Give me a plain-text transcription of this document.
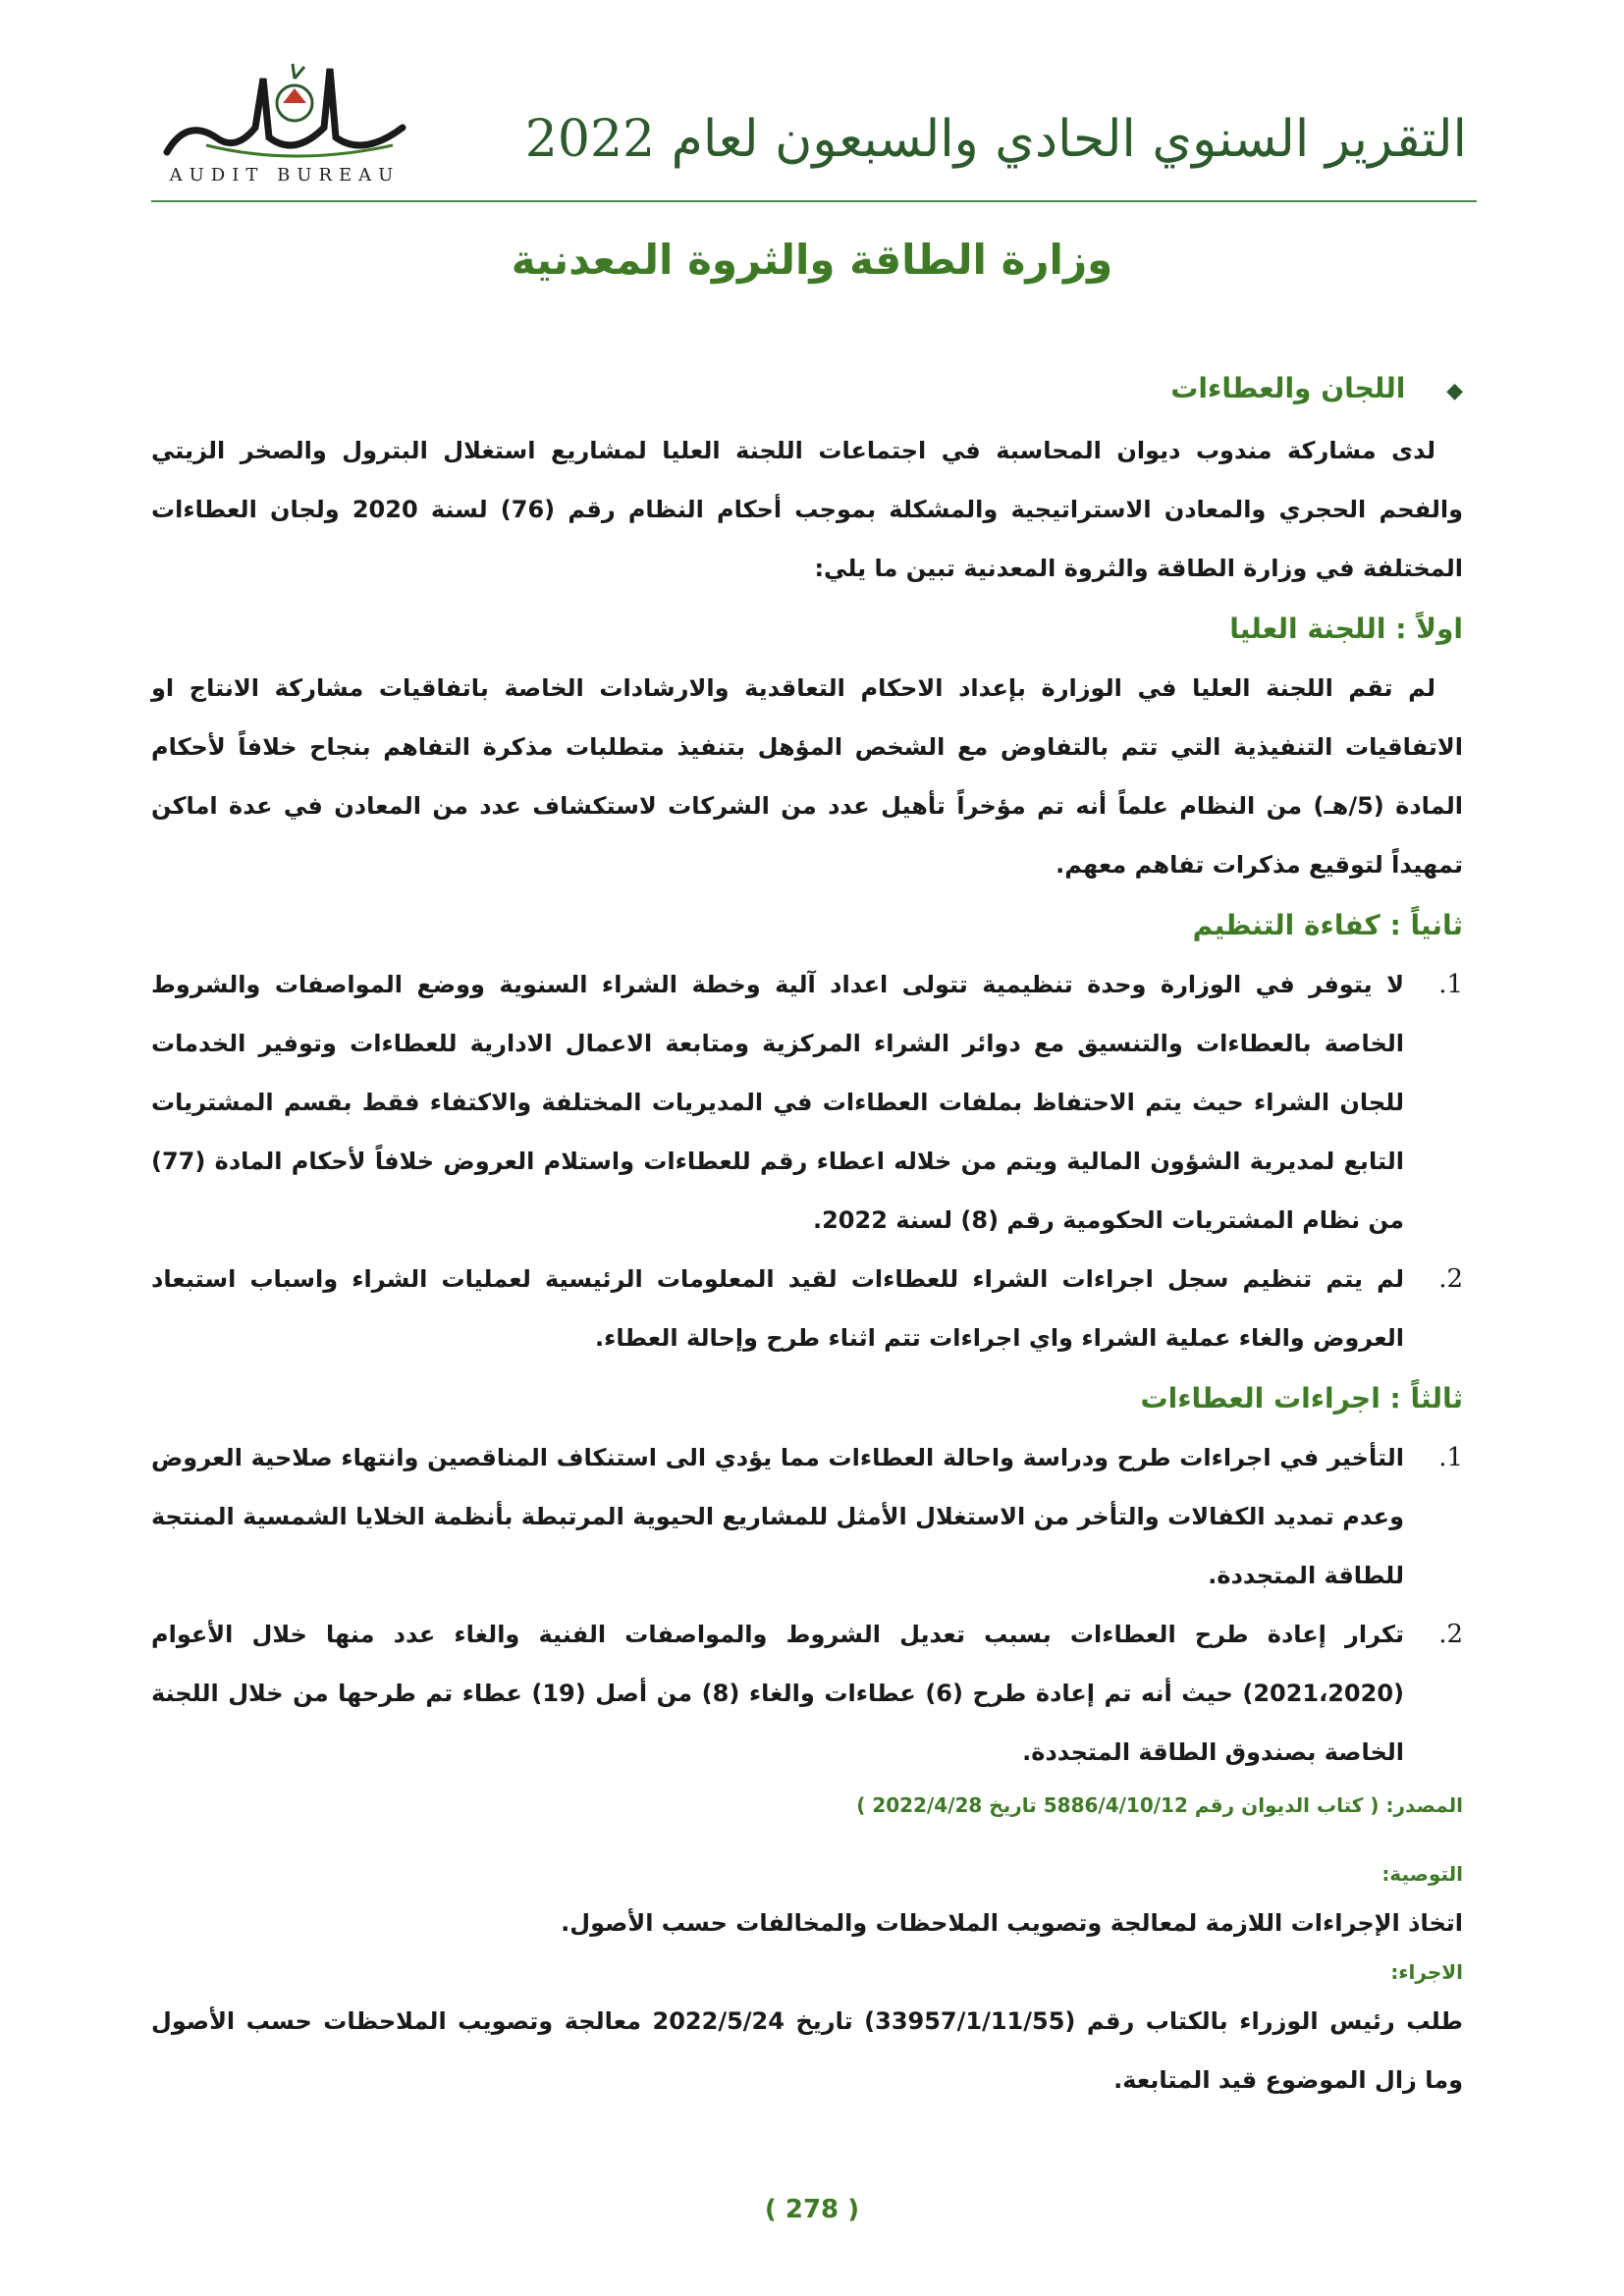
التقرير السنوي الحادي والسبعون لعام 2022
AUDIT BUREAU
وزارة الطاقة والثروة المعدنية
◆ اللجان والعطاءات
لدى مشاركة مندوب ديوان المحاسبة في اجتماعات اللجنة العليا لمشاريع استغلال البترول والصخر الزيتي والفحم الحجري والمعادن الاستراتيجية والمشكلة بموجب أحكام النظام رقم (76) لسنة 2020 ولجان العطاءات المختلفة في وزارة الطاقة والثروة المعدنية تبين ما يلي:
اولاً : اللجنة العليا
لم تقم اللجنة العليا في الوزارة بإعداد الاحكام التعاقدية والارشادات الخاصة باتفاقيات مشاركة الانتاج او الاتفاقيات التنفيذية التي تتم بالتفاوض مع الشخص المؤهل بتنفيذ متطلبات مذكرة التفاهم بنجاح خلافاً لأحكام المادة (5/هـ) من النظام علماً أنه تم مؤخراً تأهيل عدد من الشركات لاستكشاف عدد من المعادن في عدة اماكن تمهيداً لتوقيع مذكرات تفاهم معهم.
ثانياً : كفاءة التنظيم
1.
لا يتوفر في الوزارة وحدة تنظيمية تتولى اعداد آلية وخطة الشراء السنوية ووضع المواصفات والشروط الخاصة بالعطاءات والتنسيق مع دوائر الشراء المركزية ومتابعة الاعمال الادارية للعطاءات وتوفير الخدمات للجان الشراء حيث يتم الاحتفاظ بملفات العطاءات في المديريات المختلفة والاكتفاء فقط بقسم المشتريات التابع لمديرية الشؤون المالية ويتم من خلاله اعطاء رقم للعطاءات واستلام العروض خلافاً لأحكام المادة (77) من نظام المشتريات الحكومية رقم (8) لسنة 2022.
2.
لم يتم تنظيم سجل اجراءات الشراء للعطاءات لقيد المعلومات الرئيسية لعمليات الشراء واسباب استبعاد العروض والغاء عملية الشراء واي اجراءات تتم اثناء طرح وإحالة العطاء.
ثالثاً : اجراءات العطاءات
1.
التأخير في اجراءات طرح ودراسة واحالة العطاءات مما يؤدي الى استنكاف المناقصين وانتهاء صلاحية العروض وعدم تمديد الكفالات والتأخر من الاستغلال الأمثل للمشاريع الحيوية المرتبطة بأنظمة الخلايا الشمسية المنتجة للطاقة المتجددة.
2.
تكرار إعادة طرح العطاءات بسبب تعديل الشروط والمواصفات الفنية والغاء عدد منها خلال الأعوام (2021،2020) حيث أنه تم إعادة طرح (6) عطاءات والغاء (8) من أصل (19) عطاء تم طرحها من خلال اللجنة الخاصة بصندوق الطاقة المتجددة.
المصدر: ( كتاب الديوان رقم 5886/4/10/12 تاريخ 2022/4/28 )
التوصية:
اتخاذ الإجراءات اللازمة لمعالجة وتصويب الملاحظات والمخالفات حسب الأصول.
الاجراء:
طلب رئيس الوزراء بالكتاب رقم (33957/1/11/55) تاريخ 2022/5/24 معالجة وتصويب الملاحظات حسب الأصول وما زال الموضوع قيد المتابعة.
( 278 )
